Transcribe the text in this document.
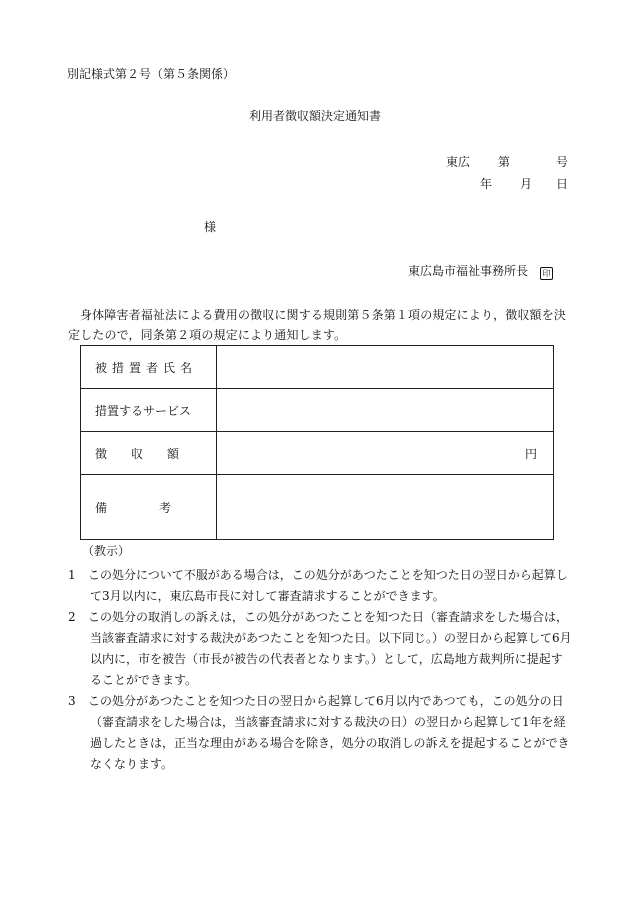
別記様式第２号（第５条関係）
利用者徴収額決定通知書
東広 第	号
年 月 日
様
東広島市福祉事務所長 印
身体障害者福祉法による費用の徴収に関する規則第５条第１項の規定により，徴収額を決定したので，同条第２項の規定により通知します。
被措置者氏名	

措置するサービス	

徴　収　額	円

備　　　考	

（教示）
1	この処分について不服がある場合は，この処分があつたことを知つた日の翌日から起算して3月以内に，東広島市長に対して審査請求することができます。
2	この処分の取消しの訴えは，この処分があつたことを知つた日（審査請求をした場合は，当該審査請求に対する裁決があつたことを知つた日。以下同じ。）の翌日から起算して6月以内に，市を被告（市長が被告の代表者となります。）として，広島地方裁判所に提起することができます。
3	この処分があつたことを知つた日の翌日から起算して6月以内であつても，この処分の日（審査請求をした場合は，当該審査請求に対する裁決の日）の翌日から起算して1年を経過したときは，正当な理由がある場合を除き，処分の取消しの訴えを提起することができなくなります。
